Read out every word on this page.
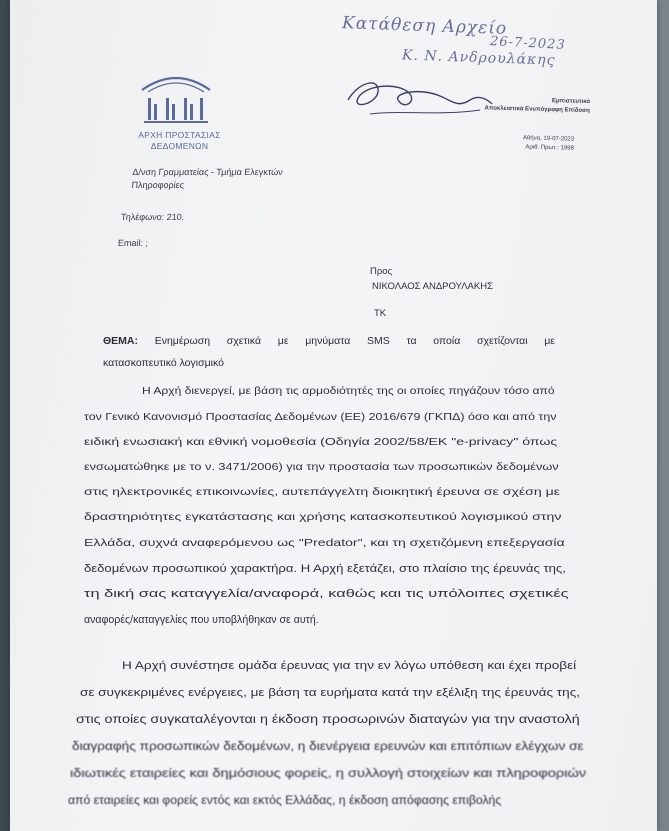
Κατάθεση Αρχείο
26-7-2023
Κ. Ν. Ανδρουλάκης
ΑΡΧΗ ΠΡΟΣΤΑΣΙΑΣ
ΔΕΔΟΜΕΝΩΝ
Δ/νση Γραμματείας - Τμήμα Ελεγκτών
Πληροφορίες
Τηλέφωνο: 210.
Email: ;
Εμπιστευτικό
Αποκλειστικά Ενυπόγραφη Επίδοση
Αθήνα, 19-07-2023
Αριθ. Πρωτ.: 1998
Προς
ΝΙΚΟΛΑΟΣ ΑΝΔΡΟΥΛΑΚΗΣ
ΤΚ
ΘΕΜΑ: Ενημέρωση σχετικά με μηνύματα SMS τα οποία σχετίζονται με
κατασκοπευτικό λογισμικό
Η Αρχή διενεργεί, με βάση τις αρμοδιότητές της οι οποίες πηγάζουν τόσο από
τον Γενικό Κανονισμό Προστασίας Δεδομένων (ΕΕ) 2016/679 (ΓΚΠΔ) όσο και από την
ειδική ενωσιακή και εθνική νομοθεσία (Οδηγία 2002/58/ΕΚ "e-privacy" όπως
ενσωματώθηκε με το ν. 3471/2006) για την προστασία των προσωπικών δεδομένων
στις ηλεκτρονικές επικοινωνίες, αυτεπάγγελτη διοικητική έρευνα σε σχέση με
δραστηριότητες εγκατάστασης και χρήσης κατασκοπευτικού λογισμικού στην
Ελλάδα, συχνά αναφερόμενου ως "Predator", και τη σχετιζόμενη επεξεργασία
δεδομένων προσωπικού χαρακτήρα. Η Αρχή εξετάζει, στο πλαίσιο της έρευνάς της,
τη δική σας καταγγελία/αναφορά, καθώς και τις υπόλοιπες σχετικές
αναφορές/καταγγελίες που υποβλήθηκαν σε αυτή.
Η Αρχή συνέστησε ομάδα έρευνας για την εν λόγω υπόθεση και έχει προβεί
σε συγκεκριμένες ενέργειες, με βάση τα ευρήματα κατά την εξέλιξη της έρευνάς της,
στις οποίες συγκαταλέγονται η έκδοση προσωρινών διαταγών για την αναστολή
διαγραφής προσωπικών δεδομένων, η διενέργεια ερευνών και επιτόπιων ελέγχων σε
ιδιωτικές εταιρείες και δημόσιους φορείς, η συλλογή στοιχείων και πληροφοριών
από εταιρείες και φορείς εντός και εκτός Ελλάδας, η έκδοση απόφασης επιβολής
